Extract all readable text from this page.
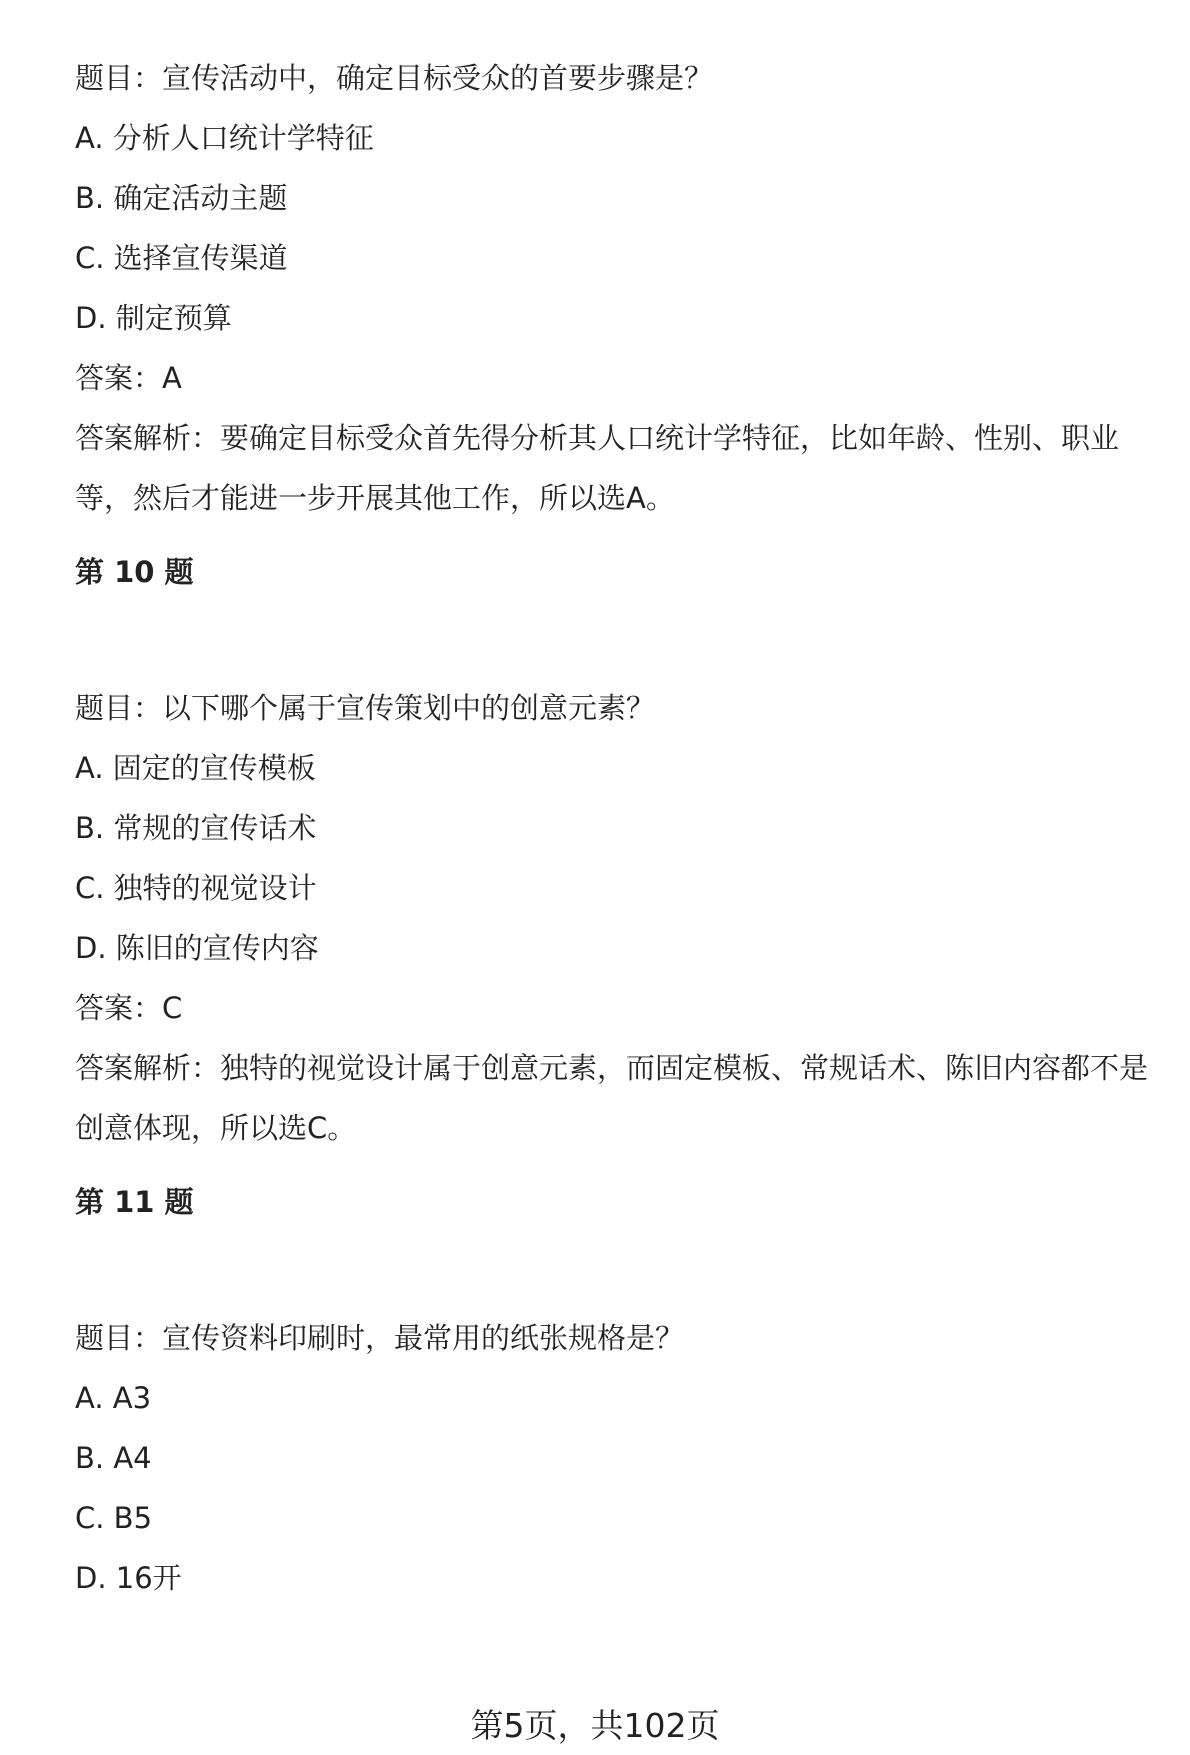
题目：宣传活动中，确定目标受众的首要步骤是？
A. 分析人口统计学特征
B. 确定活动主题
C. 选择宣传渠道
D. 制定预算
答案：A
答案解析：要确定目标受众首先得分析其人口统计学特征，比如年龄、性别、职业等，然后才能进一步开展其他工作，所以选A。
第 10 题
题目：以下哪个属于宣传策划中的创意元素？
A. 固定的宣传模板
B. 常规的宣传话术
C. 独特的视觉设计
D. 陈旧的宣传内容
答案：C
答案解析：独特的视觉设计属于创意元素，而固定模板、常规话术、陈旧内容都不是创意体现，所以选C。
第 11 题
题目：宣传资料印刷时，最常用的纸张规格是？
A. A3
B. A4
C. B5
D. 16开
第5页，共102页
